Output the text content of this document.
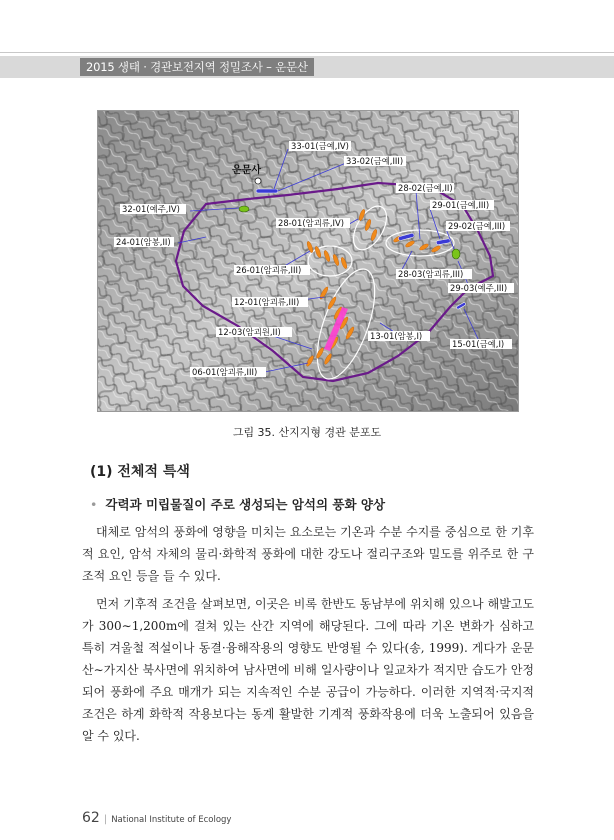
2015 생태 · 경관보전지역 정밀조사 – 운문산
운문사
33-01(금예,IV)
33-02(금예,III)
28-02(금예,II)
32-01(예주,IV)	29-01(금예,III)
28-01(암괴류,IV)	29-02(금예,III)
24-01(암봉,II)
26-01(암괴류,III)	28-03(암괴류,III)
29-03(예주,III)
12-01(암괴류,III)
13-01(암봉,I)
15-01(금예,I)
12-03(암괴원,II)
06-01(암괴류,III)
그림 35. 산지지형 경관 분포도
(1) 전체적 특색
• 각력과 미립물질이 주로 생성되는 암석의 풍화 양상

대체로 암석의 풍화에 영향을 미치는 요소로는 기온과 수분 수지를 중심으로 한 기후적 요인, 암석 자체의 물리·화학적 풍화에 대한 강도나 절리구조와 밀도를 위주로 한 구조적 요인 등을 들 수 있다.

먼저 기후적 조건을 살펴보면, 이곳은 비록 한반도 동남부에 위치해 있으나 해발고도가 300∼1,200m에 걸쳐 있는 산간 지역에 해당된다. 그에 따라 기온 변화가 심하고 특히 겨울철 적설이나 동결·융해작용의 영향도 반영될 수 있다(송, 1999). 게다가 운문산∼가지산 북사면에 위치하여 남사면에 비해 일사량이나 일교차가 적지만 습도가 안정되어 풍화에 주요 매개가 되는 지속적인 수분 공급이 가능하다. 이러한 지역적·국지적 조건은 하계 화학적 작용보다는 동계 활발한 기계적 풍화작용에 더욱 노출되어 있음을 알 수 있다.

62 | National Institute of Ecology
